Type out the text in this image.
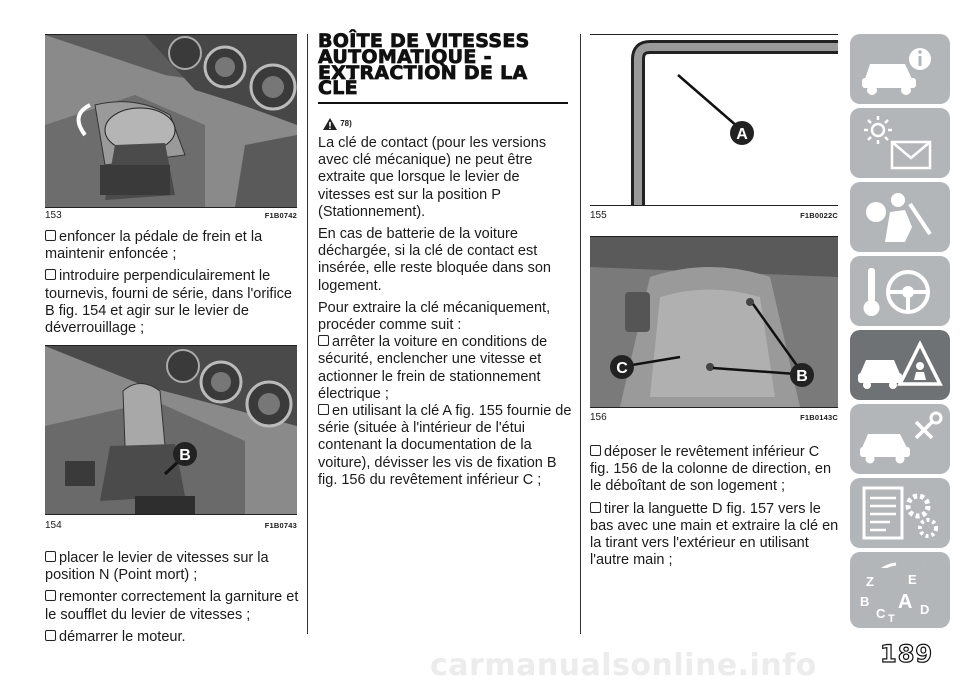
153	F1B0742

enfoncer la pédale de frein et la maintenir enfoncée ;

introduire perpendiculairement le tournevis, fourni de série, dans l'orifice B fig. 154 et agir sur le levier de déverrouillage ;

B
154	F1B0743

placer le levier de vitesses sur la position N (Point mort) ;

remonter correctement la garniture et le soufflet du levier de vitesses ;

démarrer le moteur.

BOÎTE DE VITESSES AUTOMATIQUE - EXTRACTION DE LA CLÉ
78)

La clé de contact (pour les versions avec clé mécanique) ne peut être extraite que lorsque le levier de vitesses est sur la position P (Stationnement).

En cas de batterie de la voiture déchargée, si la clé de contact est insérée, elle reste bloquée dans son logement.

Pour extraire la clé mécaniquement, procéder comme suit :

arrêter la voiture en conditions de sécurité, enclencher une vitesse et actionner le frein de stationnement électrique ;

en utilisant la clé A fig. 155 fournie de série (située à l'intérieur de l'étui contenant la documentation de la voiture), dévisser les vis de fixation B fig. 156 du revêtement inférieur C ;

A
155	F1B0022C
B
C
156	F1B0143C

déposer le revêtement inférieur C fig. 156 de la colonne de direction, en le déboîtant de son logement ;

tirer la languette D fig. 157 vers le bas avec une main et extraire la clé en la tirant vers l'extérieur en utilisant l'autre main ;

Z	E
B A
C T
D
carmanualsonline.info	189
